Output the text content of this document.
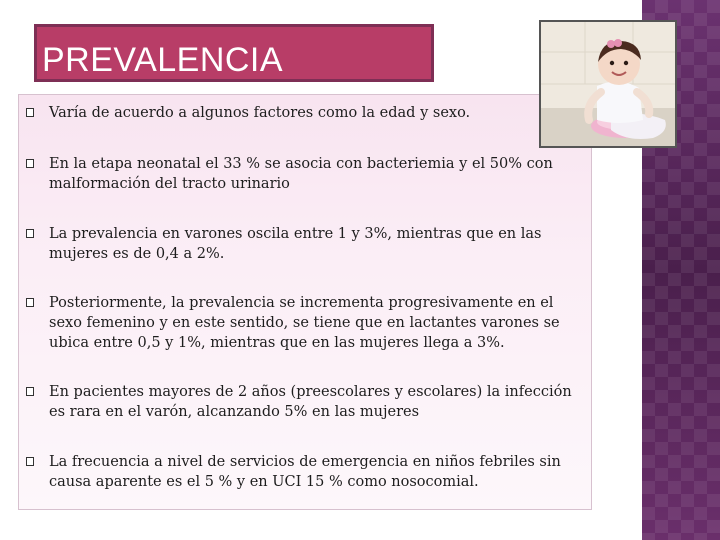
PREVALENCIA
Varía de acuerdo a algunos factores como la edad y sexo.
En la etapa neonatal el 33 % se asocia con bacteriemia y el 50% con malformación del tracto urinario
La prevalencia en varones oscila entre 1 y 3%, mientras que en las mujeres es de 0,4 a 2%.
Posteriormente, la prevalencia se incrementa progresivamente en el sexo femenino y en este sentido, se tiene que en lactantes varones se ubica entre 0,5 y 1%, mientras que en las mujeres llega a 3%.
En pacientes mayores de 2 años (preescolares y escolares) la infección es rara en el varón, alcanzando 5% en las mujeres
La frecuencia a nivel de servicios de emergencia en niños febriles sin causa aparente es el 5 % y en UCI 15 % como nosocomial.
